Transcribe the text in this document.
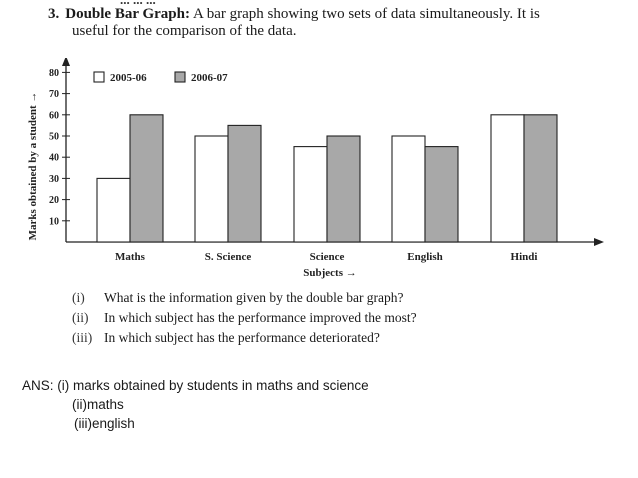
3. Double Bar Graph: A bar graph showing two sets of data simultaneously. It is
useful for the comparison of the data.
10
20
30
40
50
60
70
80
Maths	S. Science	Science	English	Hindi
2005-06	2006-07
Marks obtained by a student →
Subjects →
(i) What is the information given by the double bar graph?
(ii) In which subject has the performance improved the most?
(iii) In which subject has the performance deteriorated?
ANS: (i) marks obtained by students in maths and science
(ii)maths
(iii)english
